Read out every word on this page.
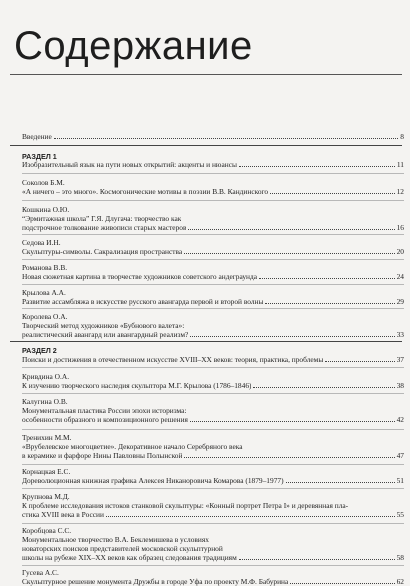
Содержание
Введение	8
РАЗДЕЛ 1
Изобразительный язык на пути новых открытий: акценты и нюансы	11
Соколов Б.М.
«А ничего – это много». Космогонические мотивы в поэзии В.В. Кандинского	12
Кошкина О.Ю.
“Эрмитажная школа” Г.Я. Длугача: творчество как
подстрочное толкование живописи старых мастеров	16
Седова И.Н.
Скульптуры-символы. Сакрализация пространства	20
Романова В.В.
Новая сюжетная картина в творчестве художников советского андеграунда	24
Крылова А.А.
Развитие ассамбляжа в искусстве русского авангарда первой и второй волны	29
Королева О.А.
Творческий метод художников «Бубнового валета»:
реалистический авангард или авангардный реализм?	33
РАЗДЕЛ 2
Поиски и достижения в отечественном искусстве XVIII–XX веков: теория, практика, проблемы	37
Кривдина О.А.
К изучению творческого наследия скульптора М.Г. Крылова (1786–1846)	38
Калугина О.В.
Монументальная пластика России эпохи историзма:
особенности образного и композиционного решения	42
Тренихин М.М.
«Врубелевское многоцветие». Декоративное начало Серебряного века
в керамике и фарфоре Нины Павловны Полынской	47
Корнацкая Е.С.
Дореволюционная книжная графика Алексея Никаноровича Комарова (1879–1977)	51
Крупнова М.Д.
К проблеме исследования истоков станковой скульптуры: «Конный портрет Петра I» и деревянная пла-
стика XVIII века в России	55
Коробцова С.С.
Монументальное творчество В.А. Беклемишева в условиях
новаторских поисков представителей московской скульптурной
школы на рубеже XIX–XX веков как образец следования традициям	58
Гусева А.С.
Скульптурное решение монумента Дружбы в городе Уфа по проекту М.Ф. Бабурина	62
